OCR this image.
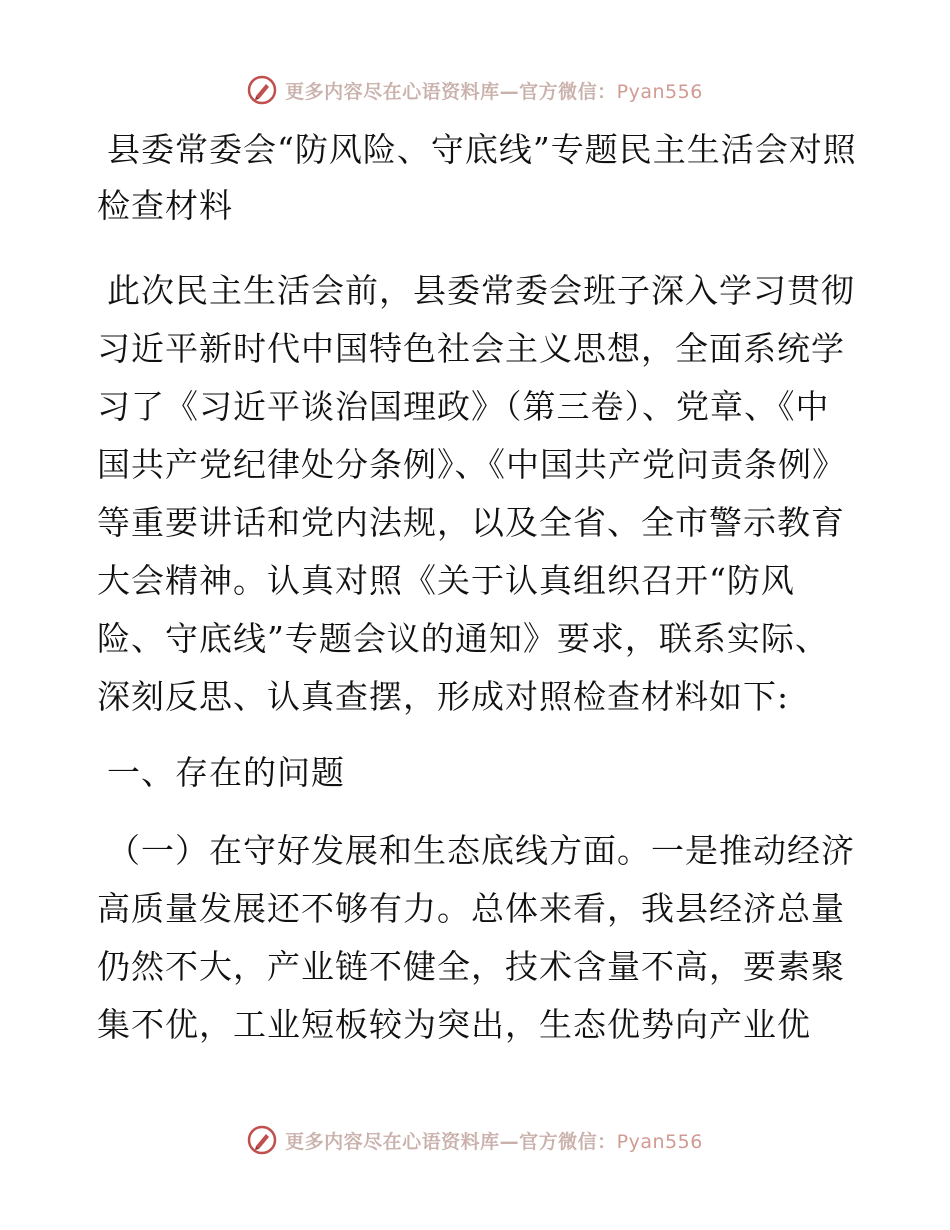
更多内容尽在心语资料库—官方微信：Pyan556
县委常委会“防风险、守底线”专题民主生活会对照检查材料

此次民主生活会前，县委常委会班子深入学习贯彻习近平新时代中国特色社会主义思想，全面系统学习了《习近平谈治国理政》（第三卷）、党章、《中国共产党纪律处分条例》、《中国共产党问责条例》等重要讲话和党内法规，以及全省、全市警示教育大会精神。认真对照《关于认真组织召开“防风险、守底线”专题会议的通知》要求，联系实际、深刻反思、认真查摆，形成对照检查材料如下:

一、存在的问题

（一）在守好发展和生态底线方面。一是推动经济高质量发展还不够有力。总体来看，我县经济总量仍然不大，产业链不健全，技术含量不高，要素聚集不优，工业短板较为突出，生态优势向产业优

更多内容尽在心语资料库—官方微信：Pyan556
